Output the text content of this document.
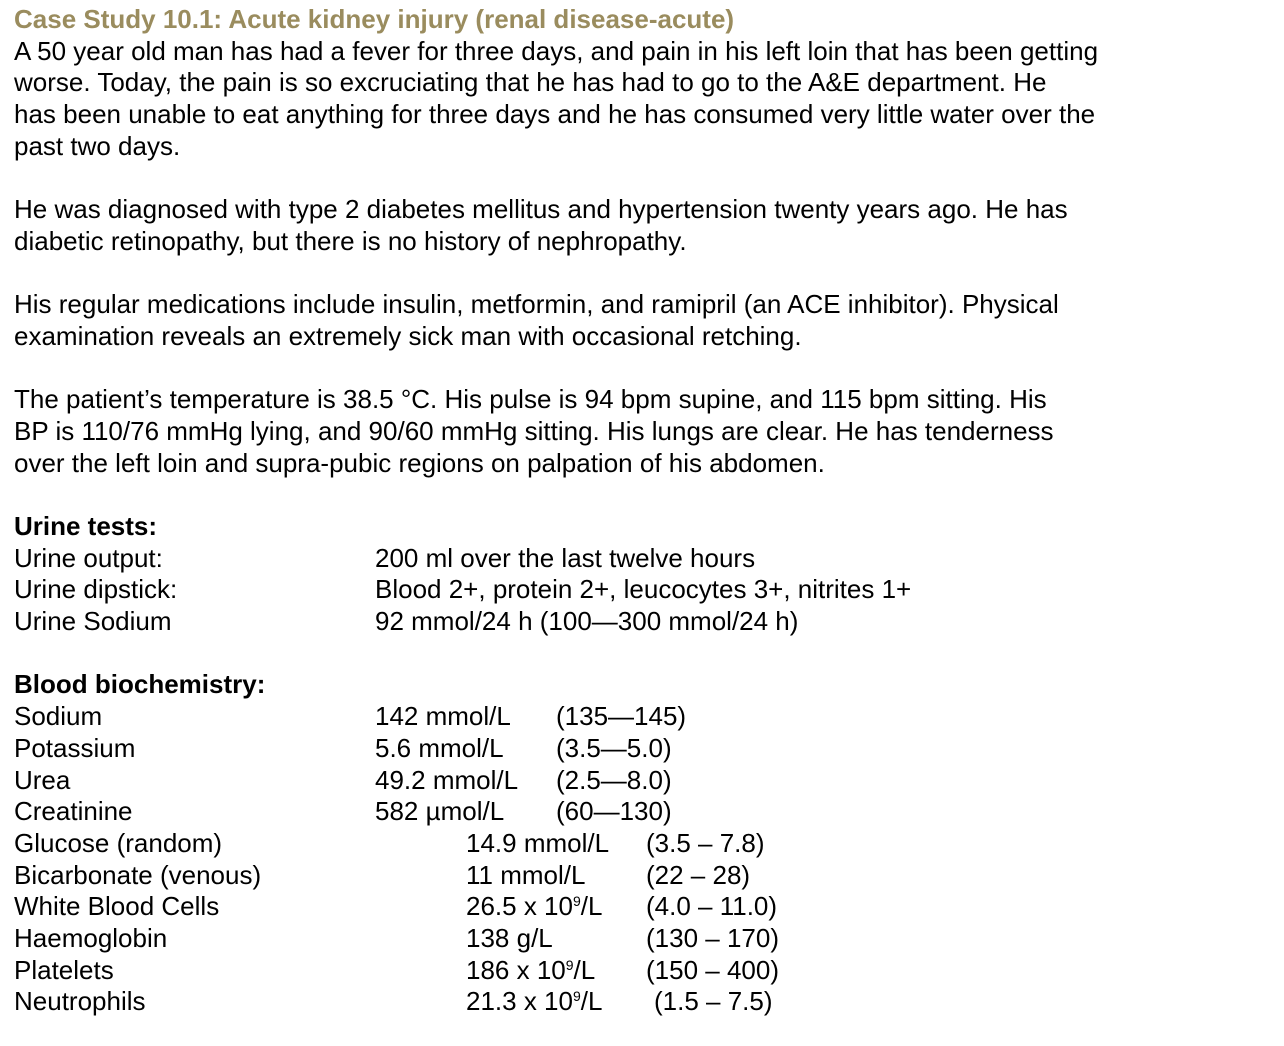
Case Study 10.1: Acute kidney injury (renal disease-acute)
A 50 year old man has had a fever for three days, and pain in his left loin that has been getting
worse. Today, the pain is so excruciating that he has had to go to the A&E department. He
has been unable to eat anything for three days and he has consumed very little water over the
past two days.
He was diagnosed with type 2 diabetes mellitus and hypertension twenty years ago. He has
diabetic retinopathy, but there is no history of nephropathy.
His regular medications include insulin, metformin, and ramipril (an ACE inhibitor). Physical
examination reveals an extremely sick man with occasional retching.
The patient’s temperature is 38.5 °C. His pulse is 94 bpm supine, and 115 bpm sitting. His
BP is 110/76 mmHg lying, and 90/60 mmHg sitting. His lungs are clear. He has tenderness
over the left loin and supra-pubic regions on palpation of his abdomen.
Urine tests:
Urine output:	200 ml over the last twelve hours
Urine dipstick:	Blood 2+, protein 2+, leucocytes 3+, nitrites 1+
Urine Sodium	92 mmol/24 h (100—300 mmol/24 h)
Blood biochemistry:
Sodium	142 mmol/L (135—145)
Potassium	5.6 mmol/L (3.5—5.0)
Urea	49.2 mmol/L (2.5—8.0)
Creatinine	582 µmol/L (60—130)
Glucose (random)	14.9 mmol/L (3.5 – 7.8)
Bicarbonate (venous)	11 mmol/L (22 – 28)
White Blood Cells	26.5 x $10^9/L$ (4.0 – 11.0)
Haemoglobin	138 g/L	(130 – 170)
Platelets	186 x $10^9/L$ (150 – 400)
Neutrophils	21.3 x $10^9/L$ (1.5 – 7.5)
